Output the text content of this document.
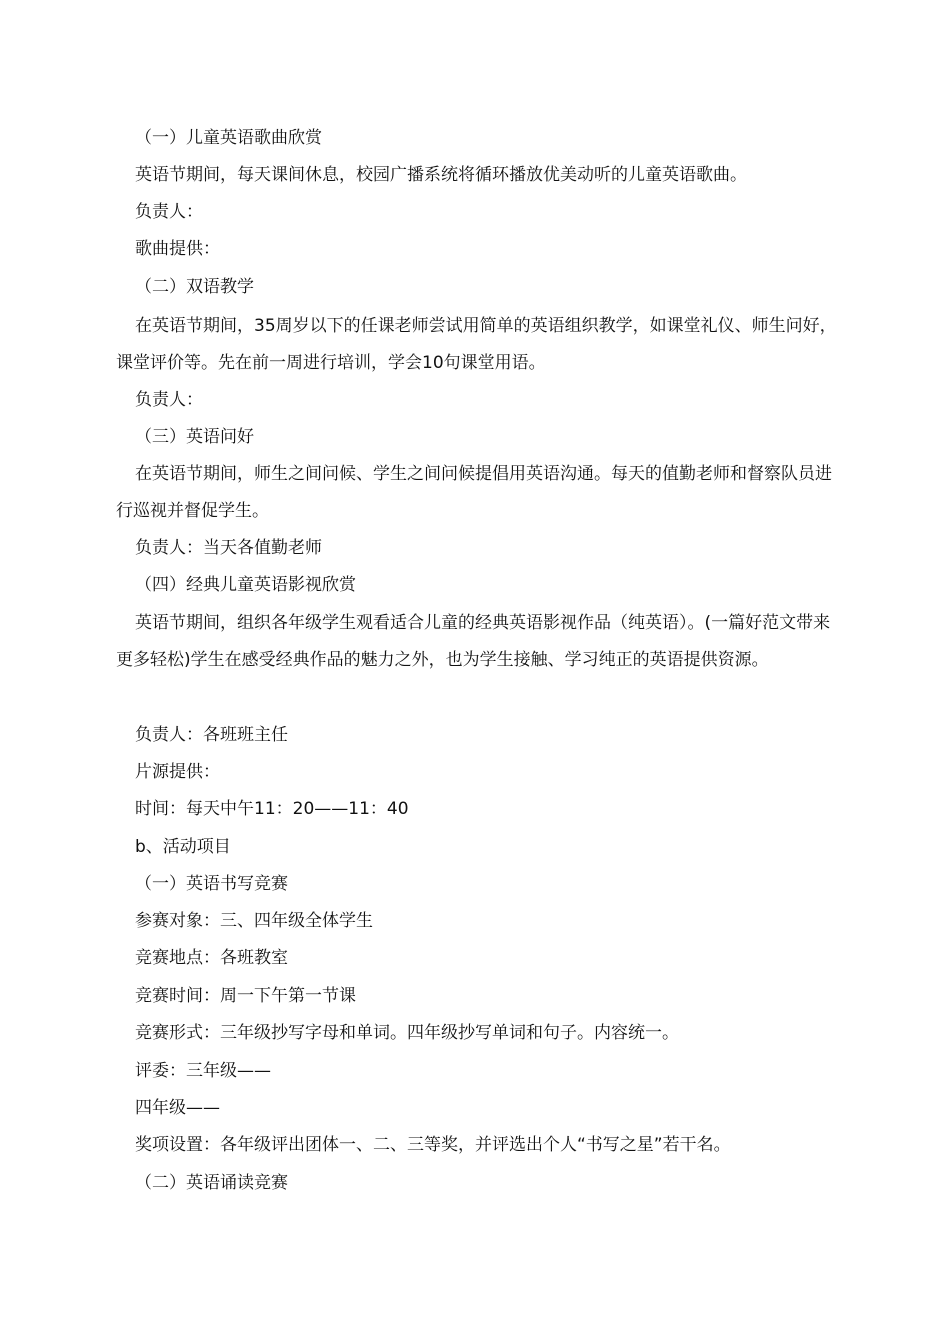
（一）儿童英语歌曲欣赏

英语节期间，每天课间休息，校园广播系统将循环播放优美动听的儿童英语歌曲。

负责人：

歌曲提供：

（二）双语教学

在英语节期间，35周岁以下的任课老师尝试用简单的英语组织教学，如课堂礼仪、师生问好，课堂评价等。先在前一周进行培训，学会10句课堂用语。

负责人：

（三）英语问好

在英语节期间，师生之间问候、学生之间问候提倡用英语沟通。每天的值勤老师和督察队员进行巡视并督促学生。

负责人：当天各值勤老师

（四）经典儿童英语影视欣赏

英语节期间，组织各年级学生观看适合儿童的经典英语影视作品（纯英语）。(一篇好范文带来更多轻松)学生在感受经典作品的魅力之外，也为学生接触、学习纯正的英语提供资源。

负责人：各班班主任

片源提供：

时间：每天中午11：20——11：40

b、活动项目

（一）英语书写竞赛

参赛对象：三、四年级全体学生

竞赛地点：各班教室

竞赛时间：周一下午第一节课

竞赛形式：三年级抄写字母和单词。四年级抄写单词和句子。内容统一。

评委：三年级——

四年级——

奖项设置：各年级评出团体一、二、三等奖，并评选出个人“书写之星”若干名。

（二）英语诵读竞赛
